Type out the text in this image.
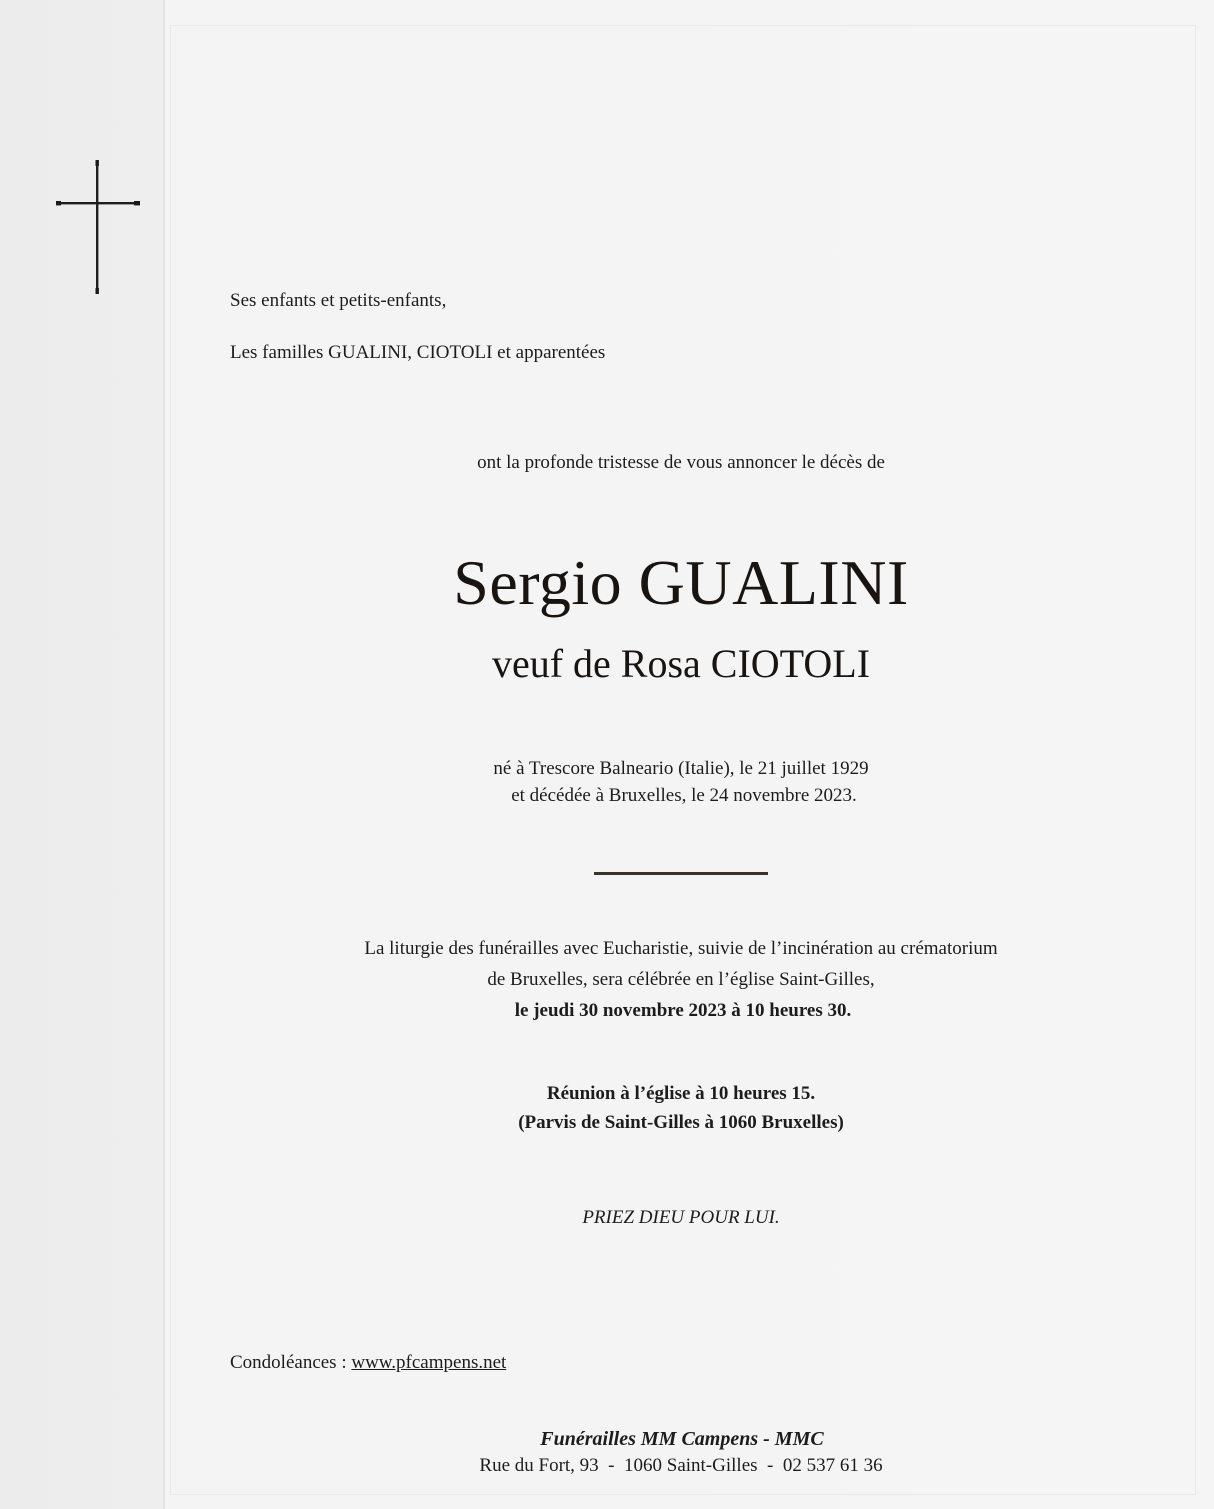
Ses enfants et petits-enfants,
Les familles GUALINI, CIOTOLI et apparentées
ont la profonde tristesse de vous annoncer le décès de
Sergio GUALINI
veuf de Rosa CIOTOLI
né à Trescore Balneario (Italie), le 21 juillet 1929
et décédée à Bruxelles, le 24 novembre 2023.
La liturgie des funérailles avec Eucharistie, suivie de l’incinération au crématorium
de Bruxelles, sera célébrée en l’église Saint-Gilles,
le jeudi 30 novembre 2023 à 10 heures 30.
Réunion à l’église à 10 heures 15.
(Parvis de Saint-Gilles à 1060 Bruxelles)
PRIEZ DIEU POUR LUI.
Condoléances : www.pfcampens.net
Funérailles MM Campens - MMC
Rue du Fort, 93  -  1060 Saint-Gilles  -  02 537 61 36
